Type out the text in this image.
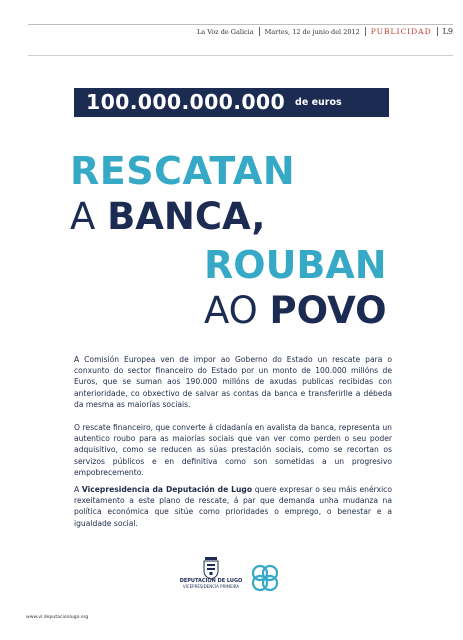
La Voz de Galicia Martes, 12 de junio del 2012 PUBLICIDAD L9
100.000.000.000 de euros
RESCATAN
A BANCA,
ROUBAN
AO POVO

A Comisión Europea ven de impor ao Goberno do Estado un rescate para o conxunto do sector financeiro do Estado por un monto de 100.000 millóns de Euros, que se suman aos 190.000 millóns de axudas publicas recibidas con anterioridade, co obxectivo de salvar as contas da banca e transferirlle a débeda da mesma as maiorías sociais.

O rescate financeiro, que converte á cidadanía en avalista da banca, representa un autentico roubo para as maiorías sociais que van ver como perden o seu poder adquisitivo, como se reducen as súas prestación sociais, como se recortan os servizos públicos e en definitiva como son sometidas a un progresivo empobrecemento.

A Vicepresidencia da Deputación de Lugo quere expresar o seu máis enérxico rexeitamento a este plano de rescate, á par que demanda unha mudanza na política económica que sitúe como prioridades o emprego, o benestar e a igualdade social.

www.vl.deputacionlugo.org
DEPUTACIÓN DE LUGO
VICEPRESIDENCIA PRIMEIRA
